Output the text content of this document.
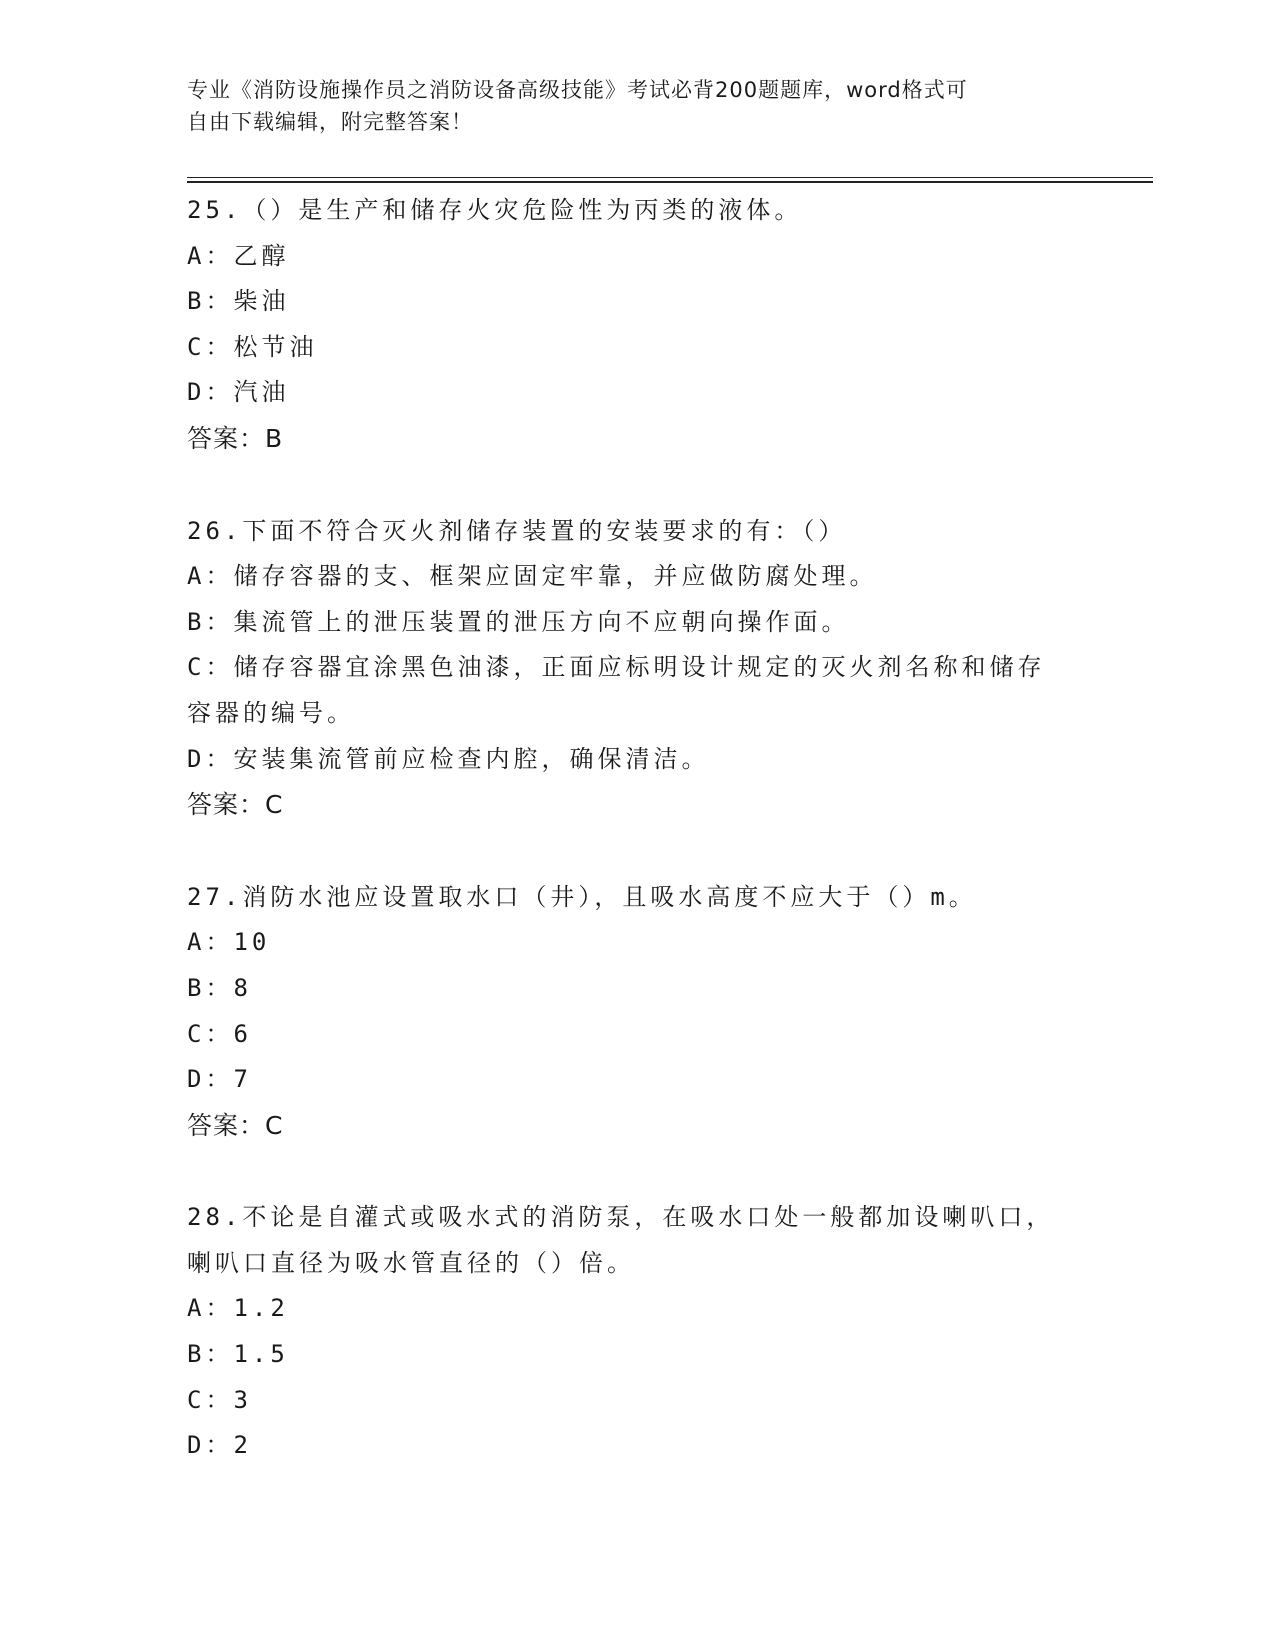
专业《消防设施操作员之消防设备高级技能》考试必背200题题库，word格式可
自由下载编辑，附完整答案！
25.（）是生产和储存火灾危险性为丙类的液体。
A：乙醇
B：柴油
C：松节油
D：汽油
答案：B
26.下面不符合灭火剂储存装置的安装要求的有：（）
A：储存容器的支、框架应固定牢靠，并应做防腐处理。
B：集流管上的泄压装置的泄压方向不应朝向操作面。
C：储存容器宜涂黑色油漆，正面应标明设计规定的灭火剂名称和储存
容器的编号。
D：安装集流管前应检查内腔，确保清洁。
答案：C
27.消防水池应设置取水口（井），且吸水高度不应大于（）m。
A：10
B：8
C：6
D：7
答案：C
28.不论是自灌式或吸水式的消防泵，在吸水口处一般都加设喇叭口，
喇叭口直径为吸水管直径的（）倍。
A：1.2
B：1.5
C：3
D：2
